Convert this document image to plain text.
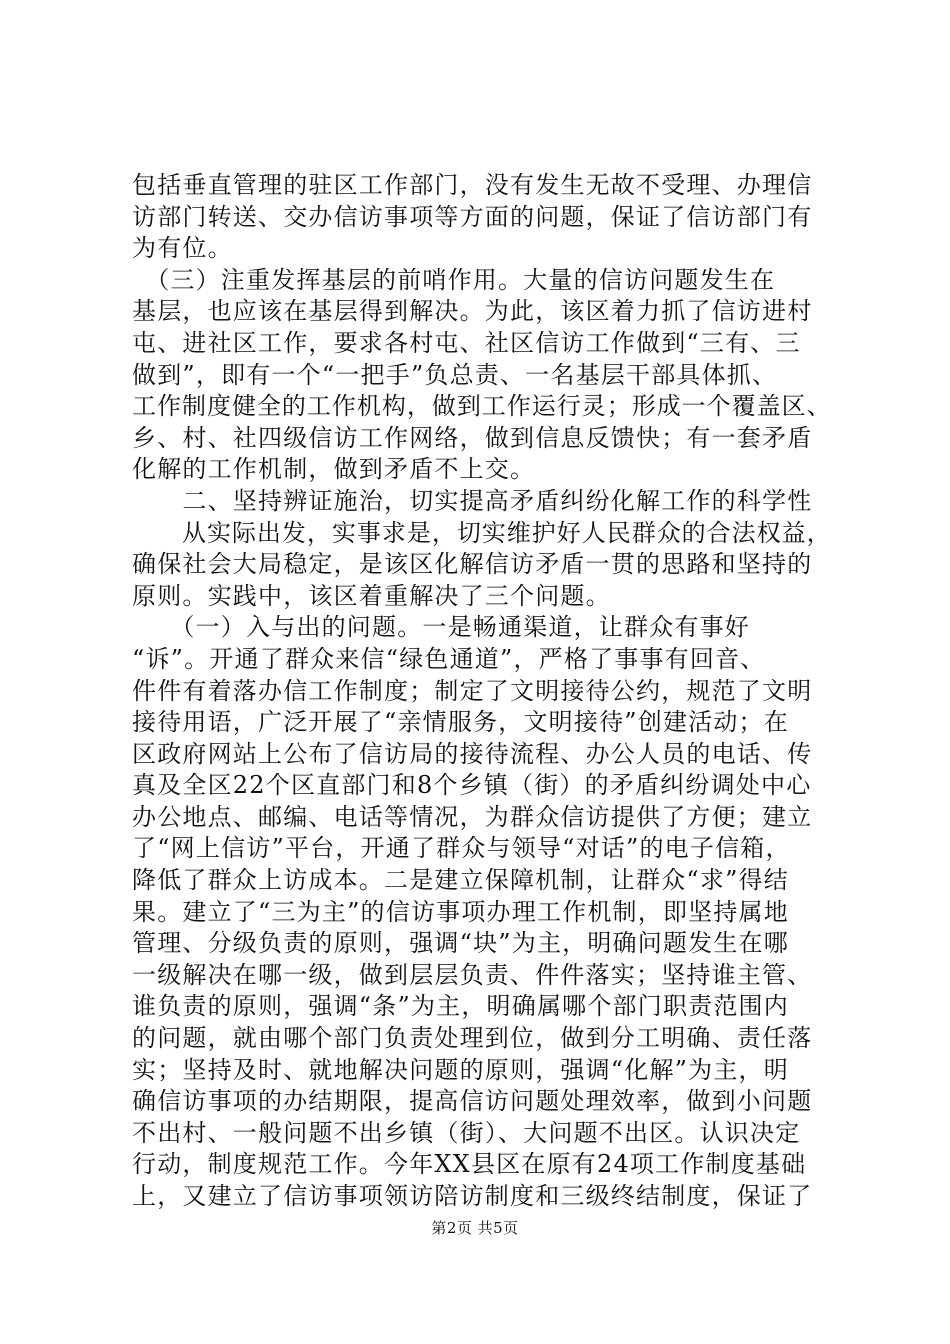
包括垂直管理的驻区工作部门，没有发生无故不受理、办理信
访部门转送、交办信访事项等方面的问题，保证了信访部门有
为有位。
　（三）注重发挥基层的前哨作用。大量的信访问题发生在
基层，也应该在基层得到解决。为此，该区着力抓了信访进村
屯、进社区工作，要求各村屯、社区信访工作做到“三有、三
做到”，即有一个“一把手”负总责、一名基层干部具体抓、
工作制度健全的工作机构，做到工作运行灵；形成一个覆盖区、
乡、村、社四级信访工作网络，做到信息反馈快；有一套矛盾
化解的工作机制，做到矛盾不上交。
　　二、坚持辨证施治，切实提高矛盾纠纷化解工作的科学性
　　从实际出发，实事求是，切实维护好人民群众的合法权益，
确保社会大局稳定，是该区化解信访矛盾一贯的思路和坚持的
原则。实践中，该区着重解决了三个问题。
　　（一）入与出的问题。一是畅通渠道，让群众有事好
“诉”。开通了群众来信“绿色通道”，严格了事事有回音、
件件有着落办信工作制度；制定了文明接待公约，规范了文明
接待用语，广泛开展了“亲情服务，文明接待”创建活动；在
区政府网站上公布了信访局的接待流程、办公人员的电话、传
真及全区22个区直部门和8个乡镇（街）的矛盾纠纷调处中心
办公地点、邮编、电话等情况，为群众信访提供了方便；建立
了“网上信访”平台，开通了群众与领导“对话”的电子信箱，
降低了群众上访成本。二是建立保障机制，让群众“求”得结
果。建立了“三为主”的信访事项办理工作机制，即坚持属地
管理、分级负责的原则，强调“块”为主，明确问题发生在哪
一级解决在哪一级，做到层层负责、件件落实；坚持谁主管、
谁负责的原则，强调“条”为主，明确属哪个部门职责范围内
的问题，就由哪个部门负责处理到位，做到分工明确、责任落
实；坚持及时、就地解决问题的原则，强调“化解”为主，明
确信访事项的办结期限，提高信访问题处理效率，做到小问题
不出村、一般问题不出乡镇（街）、大问题不出区。认识决定
行动，制度规范工作。今年XX县区在原有24项工作制度基础
上，又建立了信访事项领访陪访制度和三级终结制度，保证了
第2页 共5页
